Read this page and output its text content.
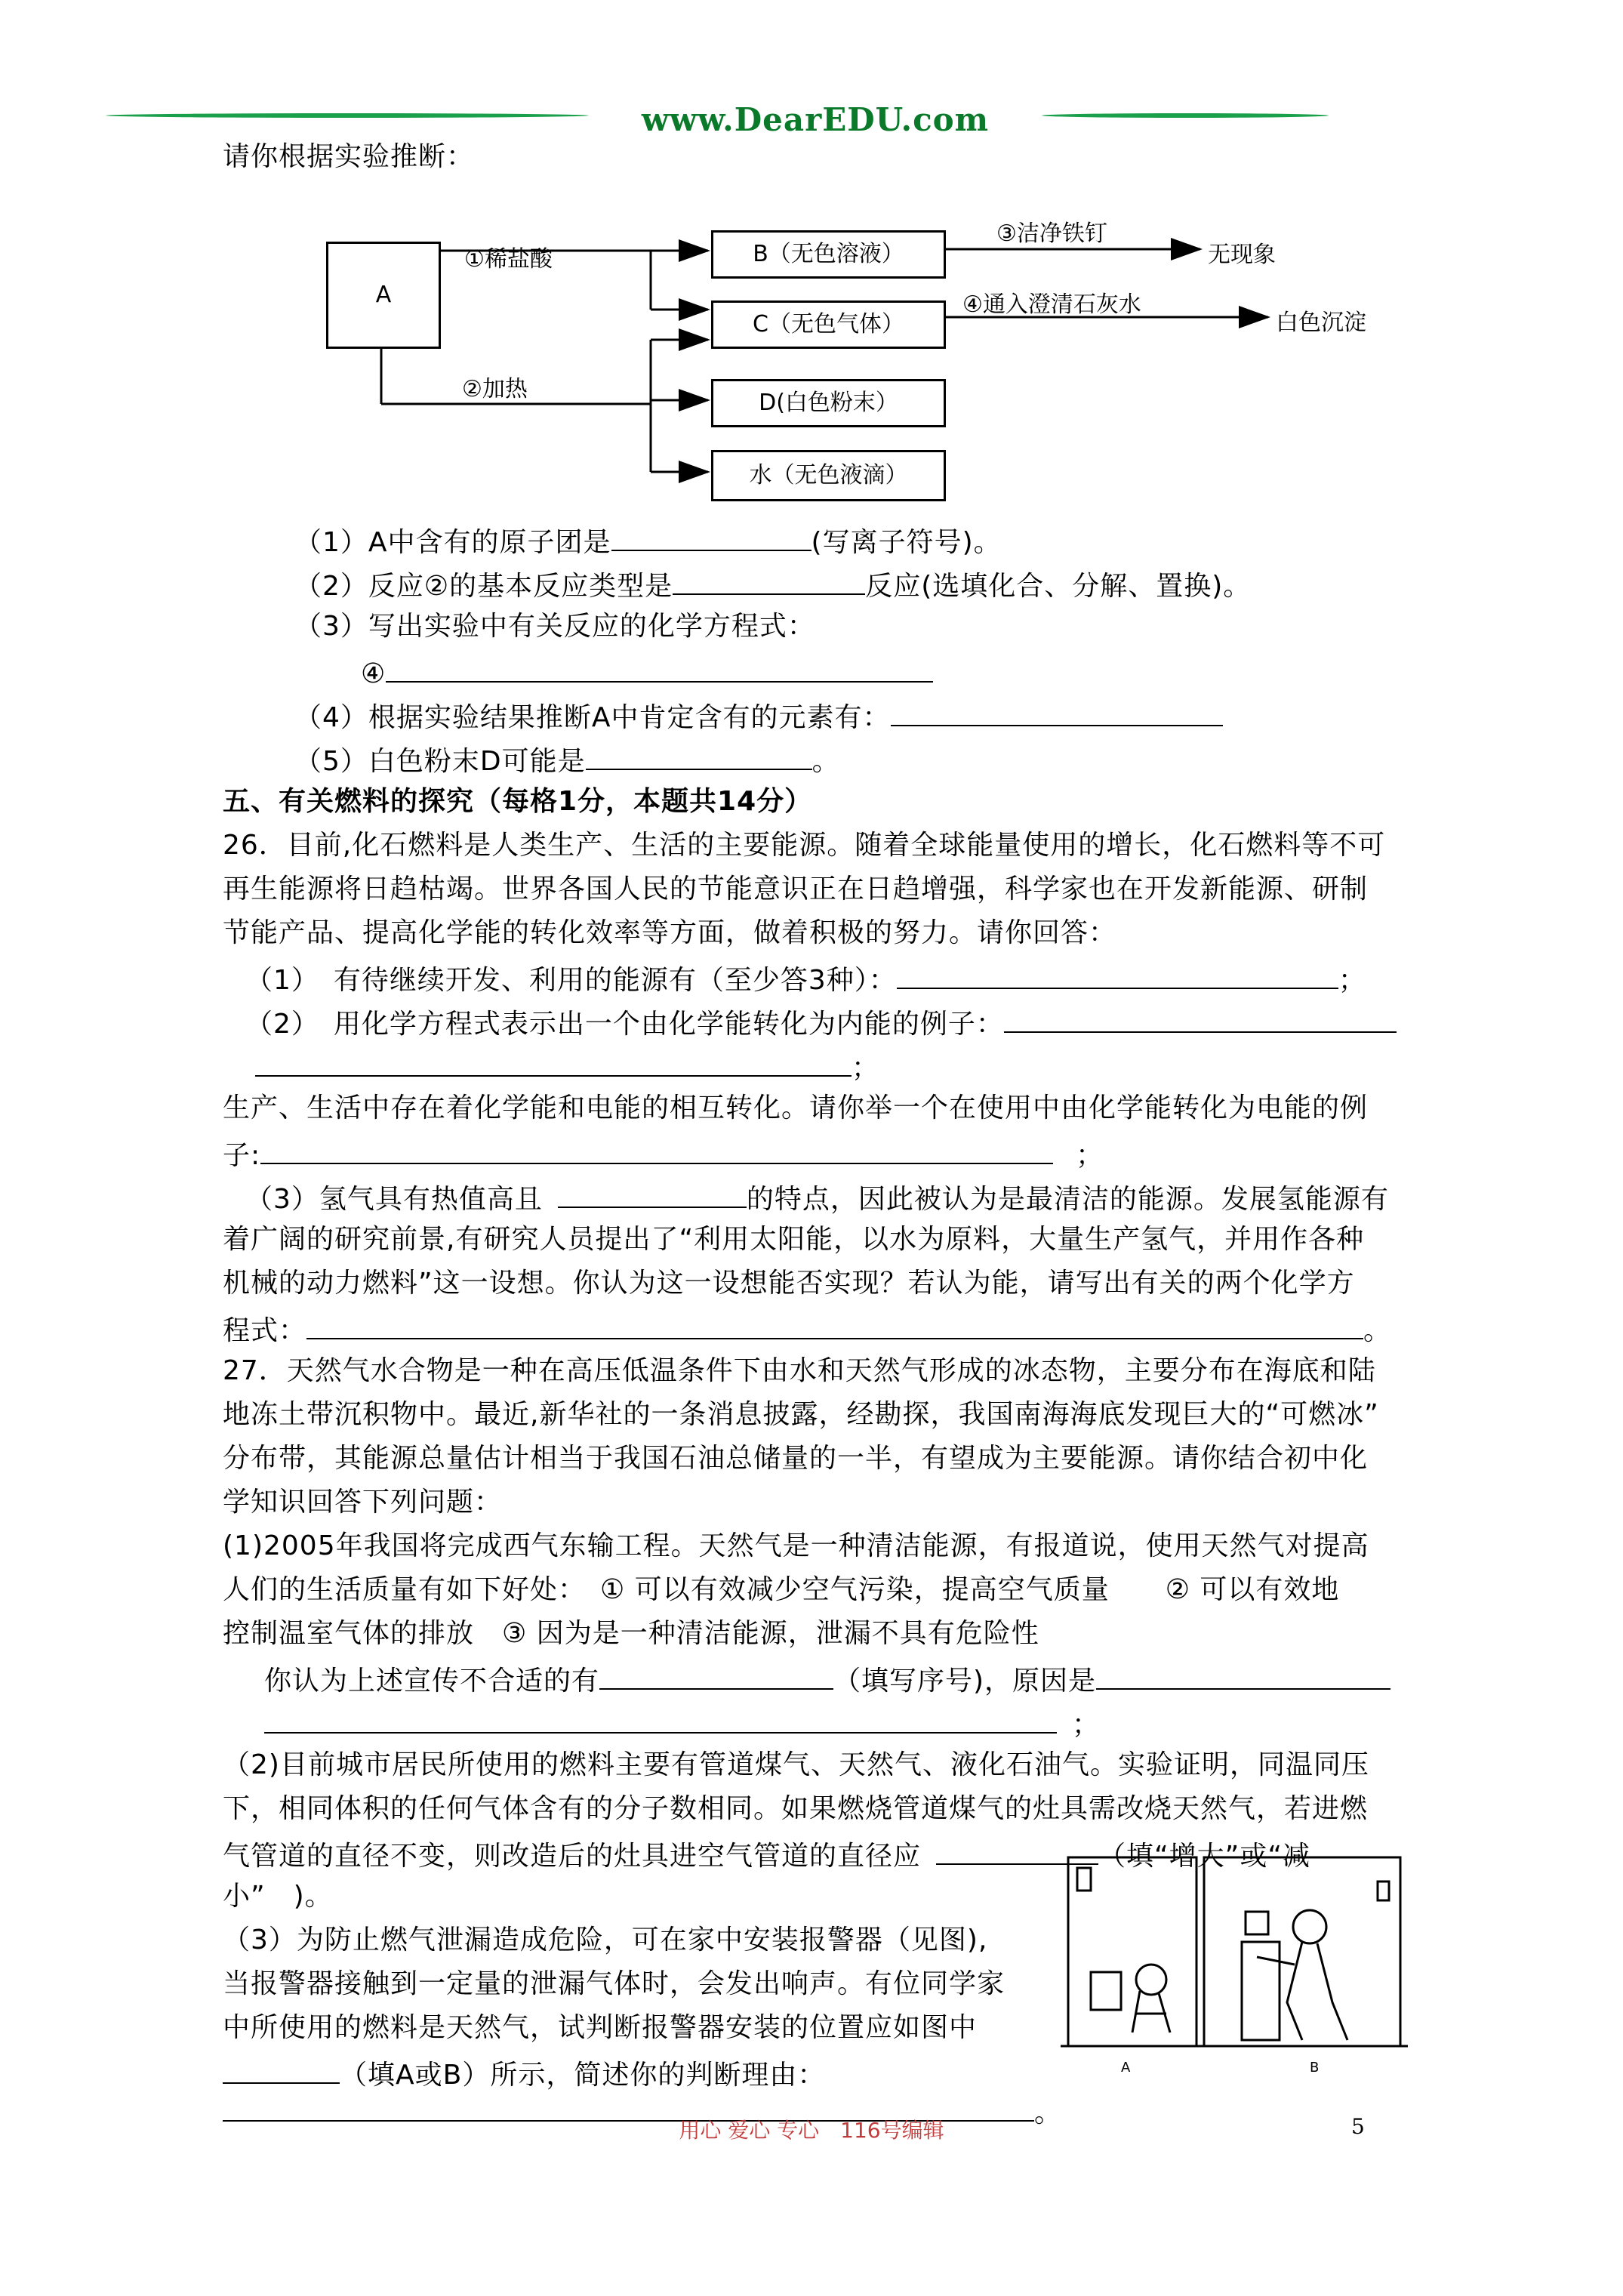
www.DearEDU.com
请你根据实验推断：
A
B（无色溶液）
C（无色气体）
D(白色粉末）
水（无色液滴）
①稀盐酸
②加热
③洁净铁钉
④通入澄清石灰水
无现象
白色沉淀
（1）A中含有的原子团是	(写离子符号)。
（2）反应②的基本反应类型是	反应(选填化合、分解、置换)。
（3）写出实验中有关反应的化学方程式：
④
（4）根据实验结果推断A中肯定含有的元素有：
（5）白色粉末D可能是	。
五、有关燃料的探究（每格1分，本题共14分）
26．目前,化石燃料是人类生产、生活的主要能源。随着全球能量使用的增长，化石燃料等不可
再生能源将日趋枯竭。世界各国人民的节能意识正在日趋增强，科学家也在开发新能源、研制
节能产品、提高化学能的转化效率等方面，做着积极的努力。请你回答：
（1）　有待继续开发、利用的能源有（至少答3种）：	；
（2）　用化学方程式表示出一个由化学能转化为内能的例子：
；
生产、生活中存在着化学能和电能的相互转化。请你举一个在使用中由化学能转化为电能的例
子:	；
（3）氢气具有热值高且	的特点，因此被认为是最清洁的能源。发展氢能源有
着广阔的研究前景,有研究人员提出了“利用太阳能，以水为原料，大量生产氢气，并用作各种
机械的动力燃料”这一设想。你认为这一设想能否实现？若认为能，请写出有关的两个化学方
程式：	。
27．天然气水合物是一种在高压低温条件下由水和天然气形成的冰态物，主要分布在海底和陆
地冻土带沉积物中。最近,新华社的一条消息披露，经勘探，我国南海海底发现巨大的“可燃冰”
分布带，其能源总量估计相当于我国石油总储量的一半，有望成为主要能源。请你结合初中化
学知识回答下列问题：
(1)2005年我国将完成西气东输工程。天然气是一种清洁能源，有报道说，使用天然气对提高
人们的生活质量有如下好处：　① 可以有效减少空气污染，提高空气质量　　② 可以有效地
控制温室气体的排放　③ 因为是一种清洁能源，泄漏不具有危险性
你认为上述宣传不合适的有	（填写序号)，原因是
；
（2)目前城市居民所使用的燃料主要有管道煤气、天然气、液化石油气。实验证明，同温同压
下，相同体积的任何气体含有的分子数相同。如果燃烧管道煤气的灶具需改烧天然气，若进燃
气管道的直径不变，则改造后的灶具进空气管道的直径应	（填“增大”或“减
小”　)。
（3）为防止燃气泄漏造成危险，可在家中安装报警器（见图),
当报警器接触到一定量的泄漏气体时，会发出响声。有位同学家
中所使用的燃料是天然气，试判断报警器安装的位置应如图中
（填A或B）所示，简述你的判断理由：
。
A	B
用心 爱心 专心　116号编辑	5
